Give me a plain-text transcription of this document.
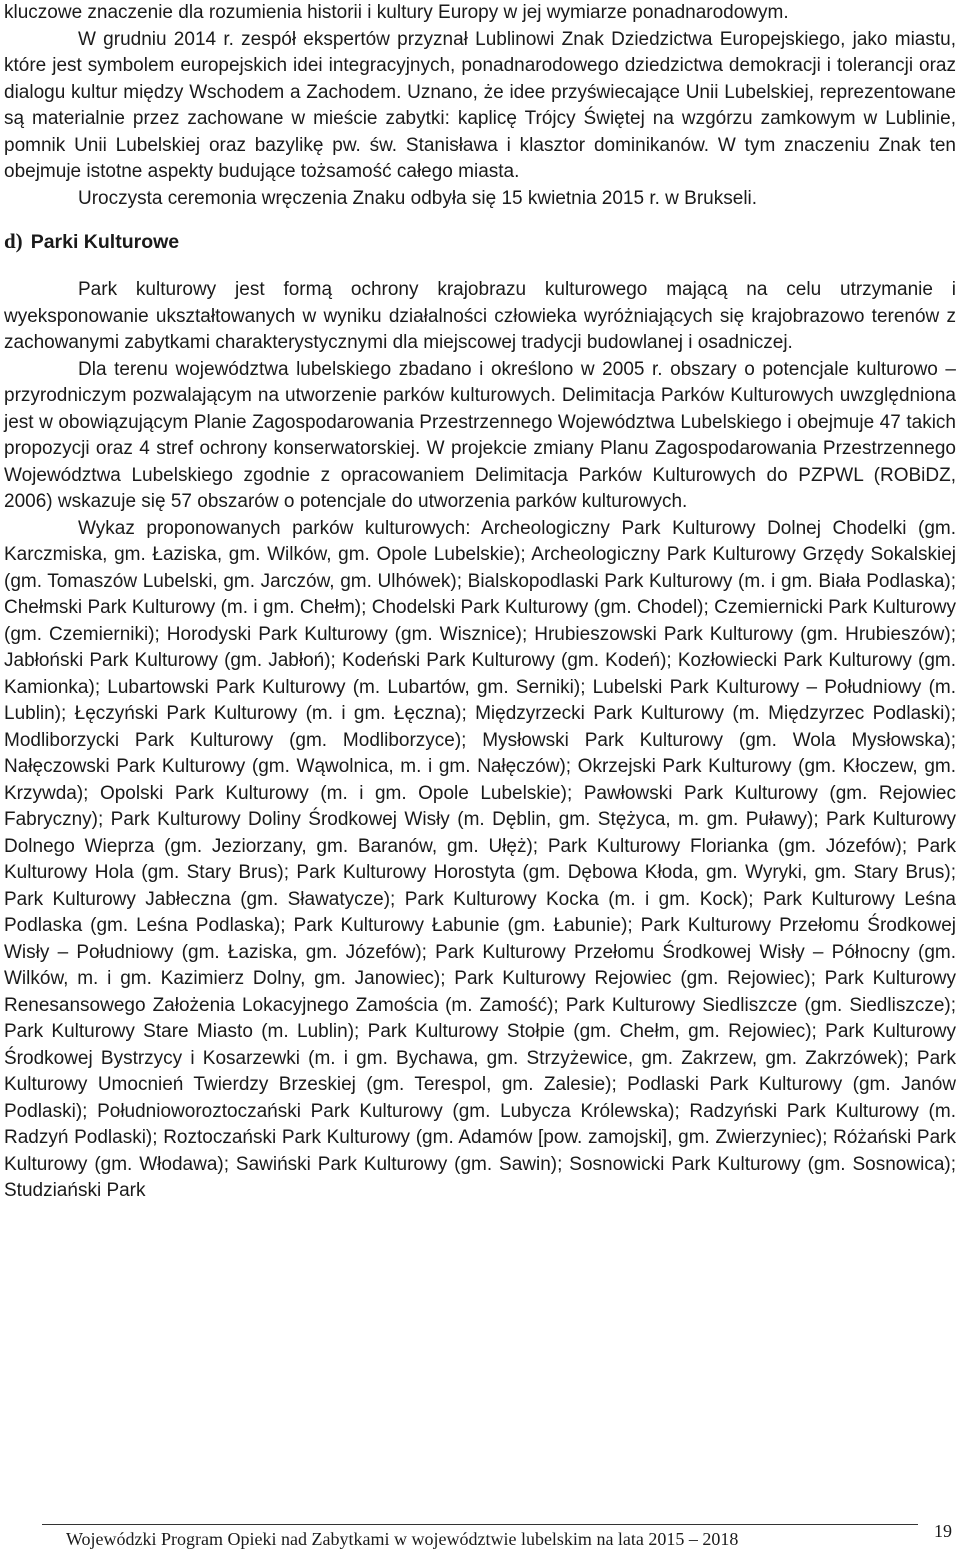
kluczowe znaczenie dla rozumienia historii i kultury Europy w jej wymiarze ponadnarodowym.

W grudniu 2014 r. zespół ekspertów przyznał Lublinowi Znak Dziedzictwa Europejskiego, jako miastu, które jest symbolem europejskich idei integracyjnych, ponadnarodowego dziedzictwa demokracji i tolerancji oraz dialogu kultur między Wschodem a Zachodem. Uznano, że idee przyświecające Unii Lubelskiej, reprezentowane są materialnie przez zachowane w mieście zabytki: kaplicę Trójcy Świętej na wzgórzu zamkowym w Lublinie, pomnik Unii Lubelskiej oraz bazylikę pw. św. Stanisława i klasztor dominikanów. W tym znaczeniu Znak ten obejmuje istotne aspekty budujące tożsamość całego miasta.

Uroczysta ceremonia wręczenia Znaku odbyła się 15 kwietnia 2015 r. w Brukseli.

d) Parki Kulturowe

Park kulturowy jest formą ochrony krajobrazu kulturowego mającą na celu utrzymanie i wyeksponowanie ukształtowanych w wyniku działalności człowieka wyróżniających się krajobrazowo terenów z zachowanymi zabytkami charakterystycznymi dla miejscowej tradycji budowlanej i osadniczej.

Dla terenu województwa lubelskiego zbadano i określono w 2005 r. obszary o potencjale kulturowo – przyrodniczym pozwalającym na utworzenie parków kulturowych. Delimitacja Parków Kulturowych uwzględniona jest w obowiązującym Planie Zagospodarowania Przestrzennego Województwa Lubelskiego i obejmuje 47 takich propozycji oraz 4 stref ochrony konserwatorskiej. W projekcie zmiany Planu Zagospodarowania Przestrzennego Województwa Lubelskiego zgodnie z opracowaniem Delimitacja Parków Kulturowych do PZPWL (ROBiDZ, 2006) wskazuje się 57 obszarów o potencjale do utworzenia parków kulturowych.

Wykaz proponowanych parków kulturowych: Archeologiczny Park Kulturowy Dolnej Chodelki (gm. Karczmiska, gm. Łaziska, gm. Wilków, gm. Opole Lubelskie); Archeologiczny Park Kulturowy Grzędy Sokalskiej (gm. Tomaszów Lubelski, gm. Jarczów, gm. Ulhówek); Bialskopodlaski Park Kulturowy (m. i gm. Biała Podlaska); Chełmski Park Kulturowy (m. i gm. Chełm); Chodelski Park Kulturowy (gm. Chodel); Czemiernicki Park Kulturowy (gm. Czemierniki); Horodyski Park Kulturowy (gm. Wisznice); Hrubieszowski Park Kulturowy (gm. Hrubieszów); Jabłoński Park Kulturowy (gm. Jabłoń); Kodeński Park Kulturowy (gm. Kodeń); Kozłowiecki Park Kulturowy (gm. Kamionka); Lubartowski Park Kulturowy (m. Lubartów, gm. Serniki); Lubelski Park Kulturowy – Południowy (m. Lublin); Łęczyński Park Kulturowy (m. i gm. Łęczna); Międzyrzecki Park Kulturowy (m. Międzyrzec Podlaski); Modliborzycki Park Kulturowy (gm. Modliborzyce); Mysłowski Park Kulturowy (gm. Wola Mysłowska); Nałęczowski Park Kulturowy (gm. Wąwolnica, m. i gm. Nałęczów); Okrzejski Park Kulturowy (gm. Kłoczew, gm. Krzywda); Opolski Park Kulturowy (m. i gm. Opole Lubelskie); Pawłowski Park Kulturowy (gm. Rejowiec Fabryczny); Park Kulturowy Doliny Środkowej Wisły (m. Dęblin, gm. Stężyca, m. gm. Puławy); Park Kulturowy Dolnego Wieprza (gm. Jeziorzany, gm. Baranów, gm. Ułęż); Park Kulturowy Florianka (gm. Józefów); Park Kulturowy Hola (gm. Stary Brus); Park Kulturowy Horostyta (gm. Dębowa Kłoda, gm. Wyryki, gm. Stary Brus); Park Kulturowy Jabłeczna (gm. Sławatycze); Park Kulturowy Kocka (m. i gm. Kock); Park Kulturowy Leśna Podlaska (gm. Leśna Podlaska); Park Kulturowy Łabunie (gm. Łabunie); Park Kulturowy Przełomu Środkowej Wisły – Południowy (gm. Łaziska, gm. Józefów); Park Kulturowy Przełomu Środkowej Wisły – Północny (gm. Wilków, m. i gm. Kazimierz Dolny, gm. Janowiec); Park Kulturowy Rejowiec (gm. Rejowiec); Park Kulturowy Renesansowego Założenia Lokacyjnego Zamościa (m. Zamość); Park Kulturowy Siedliszcze (gm. Siedliszcze); Park Kulturowy Stare Miasto (m. Lublin); Park Kulturowy Stołpie (gm. Chełm, gm. Rejowiec); Park Kulturowy Środkowej Bystrzycy i Kosarzewki (m. i gm. Bychawa, gm. Strzyżewice, gm. Zakrzew, gm. Zakrzówek); Park Kulturowy Umocnień Twierdzy Brzeskiej (gm. Terespol, gm. Zalesie); Podlaski Park Kulturowy (gm. Janów Podlaski); Południoworoztoczański Park Kulturowy (gm. Lubycza Królewska); Radzyński Park Kulturowy (m. Radzyń Podlaski); Roztoczański Park Kulturowy (gm. Adamów [pow. zamojski], gm. Zwierzyniec); Różański Park Kulturowy (gm. Włodawa); Sawiński Park Kulturowy (gm. Sawin); Sosnowicki Park Kulturowy (gm. Sosnowica); Studziański Park

Wojewódzki Program Opieki nad Zabytkami w województwie lubelskim na lata 2015 – 2018	19
